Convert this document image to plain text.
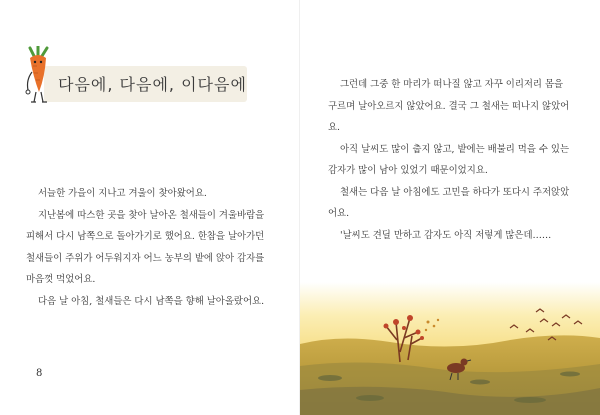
다음에, 다음에, 이다음에

서늘한 가을이 지나고 겨울이 찾아왔어요.

지난봄에 따스한 곳을 찾아 날아온 철새들이 겨울바람을 피해서 다시 남쪽으로 돌아가기로 했어요. 한참을 날아가던 철새들이 주위가 어두워지자 어느 농부의 밭에 앉아 감자를 마음껏 먹었어요.

다음 날 아침, 철새들은 다시 남쪽을 향해 날아올랐어요.

8

그런데 그중 한 마리가 떠나질 않고 자꾸 이리저리 몸을 구르며 날아오르지 않았어요. 결국 그 철새는 떠나지 않았어요.

아직 날씨도 많이 춥지 않고, 밭에는 배불리 먹을 수 있는 감자가 많이 남아 있었기 때문이었지요.

철새는 다음 날 아침에도 고민을 하다가 또다시 주저앉았어요.

'날씨도 견딜 만하고 감자도 아직 저렇게 많은데……
